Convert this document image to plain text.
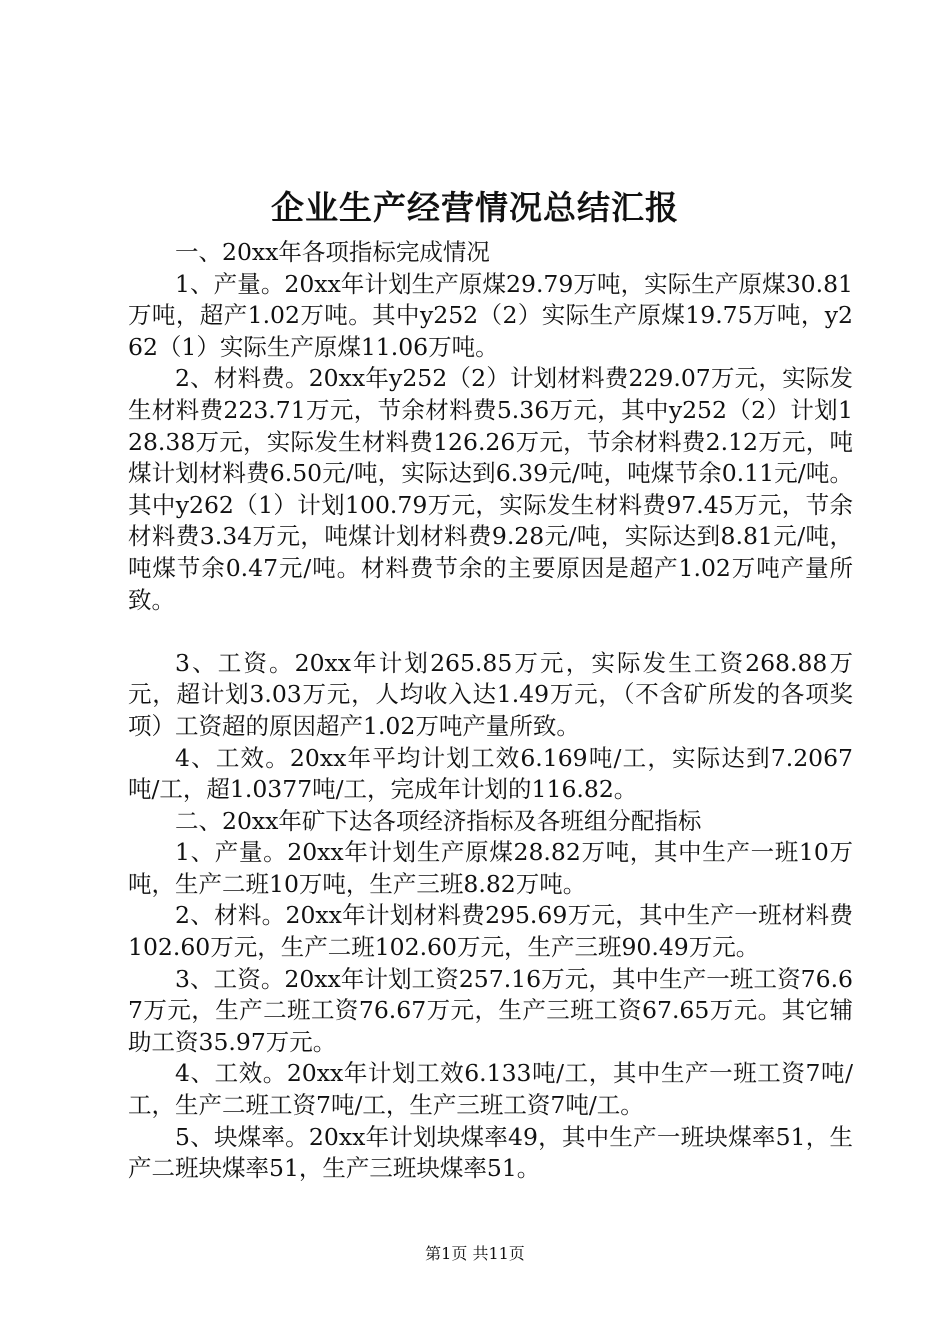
企业生产经营情况总结汇报

一、20xx年各项指标完成情况

1、产量。20xx年计划生产原煤29.79万吨，实际生产原煤30.81万吨，超产1.02万吨。其中y252（2）实际生产原煤19.75万吨，y262（1）实际生产原煤11.06万吨。

2、材料费。20xx年y252（2）计划材料费229.07万元，实际发生材料费223.71万元，节余材料费5.36万元，其中y252（2）计划128.38万元，实际发生材料费126.26万元，节余材料费2.12万元，吨煤计划材料费6.50元/吨，实际达到6.39元/吨，吨煤节余0.11元/吨。其中y262（1）计划100.79万元，实际发生材料费97.45万元，节余材料费3.34万元，吨煤计划材料费9.28元/吨，实际达到8.81元/吨，吨煤节余0.47元/吨。材料费节余的主要原因是超产1.02万吨产量所致。

3、工资。20xx年计划265.85万元，实际发生工资268.88万元，超计划3.03万元，人均收入达1.49万元，（不含矿所发的各项奖项）工资超的原因超产1.02万吨产量所致。

4、工效。20xx年平均计划工效6.169吨/工，实际达到7.2067吨/工，超1.0377吨/工，完成年计划的116.82。

二、20xx年矿下达各项经济指标及各班组分配指标

1、产量。20xx年计划生产原煤28.82万吨，其中生产一班10万吨，生产二班10万吨，生产三班8.82万吨。

2、材料。20xx年计划材料费295.69万元，其中生产一班材料费102.60万元，生产二班102.60万元，生产三班90.49万元。

3、工资。20xx年计划工资257.16万元，其中生产一班工资76.67万元，生产二班工资76.67万元，生产三班工资67.65万元。其它辅助工资35.97万元。

4、工效。20xx年计划工效6.133吨/工，其中生产一班工资7吨/工，生产二班工资7吨/工，生产三班工资7吨/工。

5、块煤率。20xx年计划块煤率49，其中生产一班块煤率51，生产二班块煤率51，生产三班块煤率51。

第1页 共11页
